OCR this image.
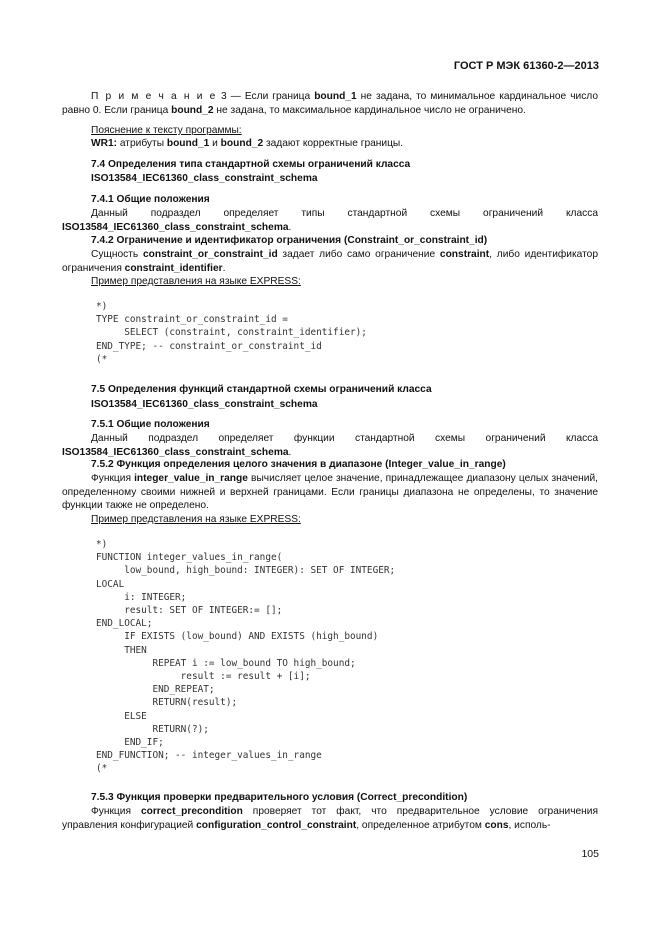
ГОСТ Р МЭК 61360-2—2013
П р и м е ч а н и е 3 — Если граница bound_1 не задана, то минимальное кардинальное число равно 0. Если граница bound_2 не задана, то максимальное кардинальное число не ограничено.
Пояснение к тексту программы:
WR1: атрибуты bound_1 и bound_2 задают корректные границы.
7.4 Определения типа стандартной схемы ограничений класса
ISO13584_IEC61360_class_constraint_schema
7.4.1 Общие положения
Данный подраздел определяет типы стандартной схемы ограничений класса ISO13584_IEC61360_class_constraint_schema.
7.4.2 Ограничение и идентификатор ограничения (Constraint_or_constraint_id)
Сущность constraint_or_constraint_id задает либо само ограничение constraint, либо идентификатор ограничения constraint_identifier.
Пример представления на языке EXPRESS:
*)
TYPE constraint_or_constraint_id =
SELECT (constraint, constraint_identifier);
END_TYPE; -- constraint_or_constraint_id
(*
7.5 Определения функций стандартной схемы ограничений класса
ISO13584_IEC61360_class_constraint_schema
7.5.1 Общие положения
Данный подраздел определяет функции стандартной схемы ограничений класса ISO13584_IEC61360_class_constraint_schema.
7.5.2 Функция определения целого значения в диапазоне (Integer_value_in_range)
Функция integer_value_in_range вычисляет целое значение, принадлежащее диапазону целых значений, определенному своими нижней и верхней границами. Если границы диапазона не определены, то значение функции также не определено.
Пример представления на языке EXPRESS:
*)
FUNCTION integer_values_in_range(
low_bound, high_bound: INTEGER): SET OF INTEGER;
LOCAL
i: INTEGER;
result: SET OF INTEGER:= [];
END_LOCAL;
IF EXISTS (low_bound) AND EXISTS (high_bound)
THEN
REPEAT i := low_bound TO high_bound;
result := result + [i];
END_REPEAT;
RETURN(result);
ELSE
RETURN(?);
END_IF;
END_FUNCTION; -- integer_values_in_range
(*
7.5.3 Функция проверки предварительного условия (Correct_precondition)
Функция correct_precondition проверяет тот факт, что предварительное условие ограничения управления конфигурацией configuration_control_constraint, определенное атрибутом cons, исполь-
105
